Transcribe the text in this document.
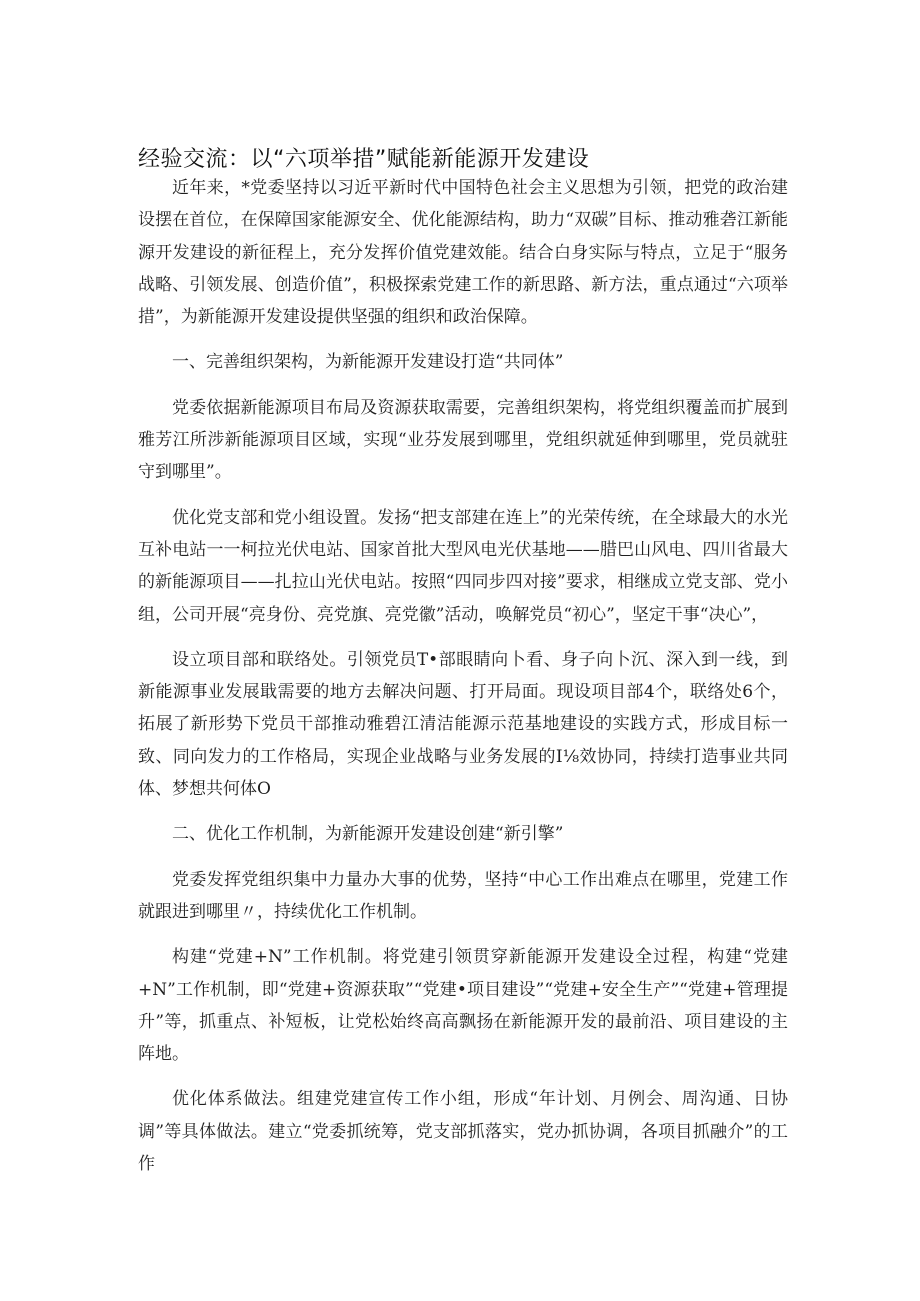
经验交流：以“六项举措”赋能新能源开发建设

近年来，*党委坚持以习近平新时代中国特色社会主义思想为引领，把党的政治建设摆在首位，在保障国家能源安全、优化能源结构，助力“双碳”目标、推动雅砻江新能源开发建设的新征程上，充分发挥价值党建效能。结合白身实际与特点，立足于“服务战略、引领发展、创造价值”，积极探索党建工作的新思路、新方法，重点通过“六项举措”，为新能源开发建设提供坚强的组织和政治保障。

一、完善组织架构，为新能源开发建设打造“共同体”

党委依据新能源项目布局及资源获取需要，完善组织架构，将党组织覆盖而扩展到雅芳江所涉新能源项目区域，实现“业芬发展到哪里，党组织就延伸到哪里，党员就驻守到哪里”。

优化党支部和党小组设置。发扬“把支部建在连上”的光荣传统，在全球最大的水光互补电站一一柯拉光伏电站、国家首批大型风电光伏基地——腊巴山风电、四川省最大的新能源项目——扎拉山光伏电站。按照“四同步四对接”要求，相继成立党支部、党小组，公司开展“亮身份、亮党旗、亮党徽”活动，唤解党员“初心”，坚定干事“决心”，

设立项目部和联络处。引领党员T•部眼睛向卜看、身子向卜沉、深入到一线，到新能源事业发展戢需要的地方去解决问题、打开局面。现设项目部4个，联络处6个，拓展了新形势下党员干部推动雅碧江清洁能源示范基地建设的实践方式，形成目标一致、同向发力的工作格局，实现企业战略与业务发展的I⅛效协同，持续打造事业共同体、梦想共何体O

二、优化工作机制，为新能源开发建设创建“新引擎”

党委发挥党组织集中力量办大事的优势，坚持“中心工作出难点在哪里，党建工作就跟进到哪里〃，持续优化工作机制。

构建“党建+N”工作机制。将党建引领贯穿新能源开发建设全过程，构建“党建+N”工作机制，即“党建+资源获取”“党建•项目建设”“党建+安全生产”“党建+管理提升”等，抓重点、补短板，让党松始终高高飘扬在新能源开发的最前沿、项目建设的主阵地。

优化体系做法。组建党建宣传工作小组，形成“年计划、月例会、周沟通、日协调”等具体做法。建立“党委抓统筹，党支部抓落实，党办抓协调，各项目抓融介”的工作
